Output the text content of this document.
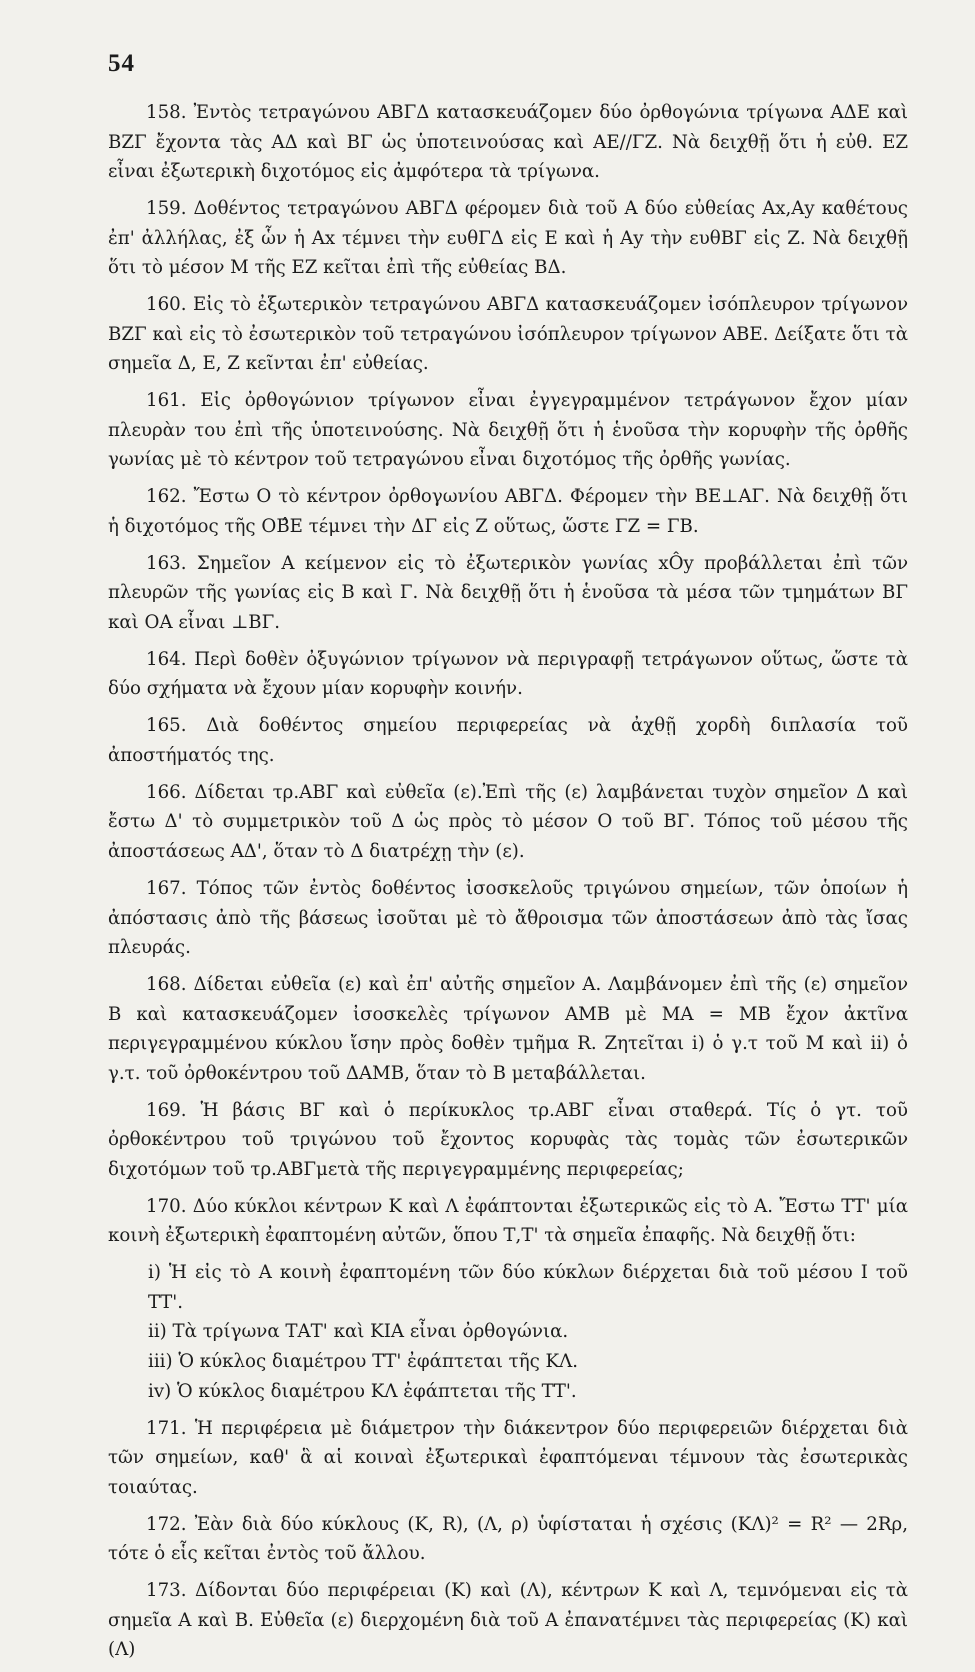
54

158. Ἐντὸς τετραγώνου ΑΒΓΔ κατασκευάζομεν δύο ὀρθογώνια τρίγωνα ΑΔΕ καὶ ΒΖΓ ἔχοντα τὰς ΑΔ καὶ ΒΓ ὡς ὑποτεινούσας καὶ ΑΕ//ΓΖ. Νὰ δειχθῇ ὅτι ἡ εὐθ. ΕΖ εἶναι ἐξωτερικὴ διχοτόμος εἰς ἀμφότερα τὰ τρίγωνα.

159. Δοθέντος τετραγώνου ΑΒΓΔ φέρομεν διὰ τοῦ Α δύο εὐθείας Αx,Αy καθέτους ἐπ' ἀλλήλας, ἐξ ὧν ἡ Αx τέμνει τὴν ευθΓΔ εἰς Ε καὶ ἡ Αy τὴν ευθΒΓ εἰς Ζ. Νὰ δειχθῇ ὅτι τὸ μέσον Μ τῆς ΕΖ κεῖται ἐπὶ τῆς εὐθείας ΒΔ.

160. Εἰς τὸ ἐξωτερικὸν τετραγώνου ΑΒΓΔ κατασκευάζομεν ἰσόπλευρον τρίγωνον ΒΖΓ καὶ εἰς τὸ ἐσωτερικὸν τοῦ τετραγώνου ἰσόπλευρον τρίγωνον ΑΒΕ. Δείξατε ὅτι τὰ σημεῖα Δ, Ε, Ζ κεῖνται ἐπ' εὐθείας.

161. Εἰς ὀρθογώνιον τρίγωνον εἶναι ἐγγεγραμμένον τετράγωνον ἔχον μίαν πλευρὰν του ἐπὶ τῆς ὑποτεινούσης. Νὰ δειχθῇ ὅτι ἡ ἑνοῦσα τὴν κορυφὴν τῆς ὀρθῆς γωνίας μὲ τὸ κέντρον τοῦ τετραγώνου εἶναι διχοτόμος τῆς ὀρθῆς γωνίας.

162. Ἔστω Ο τὸ κέντρον ὀρθογωνίου ΑΒΓΔ. Φέρομεν τὴν ΒΕ⊥ΑΓ. Νὰ δειχθῇ ὅτι ἡ διχοτόμος τῆς ΟΒ̂Ε τέμνει τὴν ΔΓ εἰς Ζ οὕτως, ὥστε ΓΖ = ΓΒ.

163. Σημεῖον Α κείμενον εἰς τὸ ἐξωτερικὸν γωνίας xÔy προβάλλεται ἐπὶ τῶν πλευρῶν τῆς γωνίας εἰς Β καὶ Γ. Νὰ δειχθῇ ὅτι ἡ ἑνοῦσα τὰ μέσα τῶν τμημάτων ΒΓ καὶ ΟΑ εἶναι ⊥ΒΓ.

164. Περὶ δοθὲν ὀξυγώνιον τρίγωνον νὰ περιγραφῇ τετράγωνον οὕτως, ὥστε τὰ δύο σχήματα νὰ ἔχουν μίαν κορυφὴν κοινήν.

165. Διὰ δοθέντος σημείου περιφερείας νὰ ἀχθῇ χορδὴ διπλασία τοῦ ἀποστήματός της.

166. Δίδεται τρ.ΑΒΓ καὶ εὐθεῖα (ε).Ἐπὶ τῆς (ε) λαμβάνεται τυχὸν σημεῖον Δ καὶ ἔστω Δ' τὸ συμμετρικὸν τοῦ Δ ὡς πρὸς τὸ μέσον Ο τοῦ ΒΓ. Τόπος τοῦ μέσου τῆς ἀποστάσεως ΑΔ', ὅταν τὸ Δ διατρέχῃ τὴν (ε).

167. Τόπος τῶν ἐντὸς δοθέντος ἰσοσκελοῦς τριγώνου σημείων, τῶν ὁποίων ἡ ἀπόστασις ἀπὸ τῆς βάσεως ἰσοῦται μὲ τὸ ἄθροισμα τῶν ἀποστάσεων ἀπὸ τὰς ἴσας πλευράς.

168. Δίδεται εὐθεῖα (ε) καὶ ἐπ' αὐτῆς σημεῖον Α. Λαμβάνομεν ἐπὶ τῆς (ε) σημεῖον Β καὶ κατασκευάζομεν ἰσοσκελὲς τρίγωνον ΑΜΒ μὲ ΜΑ = ΜΒ ἔχον ἀκτῖνα περιγεγραμμένου κύκλου ἴσην πρὸς δοθὲν τμῆμα R. Ζητεῖται i) ὁ γ.τ τοῦ Μ καὶ ii) ὁ γ.τ. τοῦ ὀρθοκέντρου τοῦ ΔΑΜΒ, ὅταν τὸ Β μεταβάλλεται.

169. Ἡ βάσις ΒΓ καὶ ὁ περίκυκλος τρ.ΑΒΓ εἶναι σταθερά. Τίς ὁ γτ. τοῦ ὀρθοκέντρου τοῦ τριγώνου τοῦ ἔχοντος κορυφὰς τὰς τομὰς τῶν ἐσωτερικῶν διχοτόμων τοῦ τρ.ΑΒΓμετὰ τῆς περιγεγραμμένης περιφερείας;

170. Δύο κύκλοι κέντρων Κ καὶ Λ ἐφάπτονται ἐξωτερικῶς εἰς τὸ Α. Ἔστω ΤΤ' μία κοινὴ ἐξωτερικὴ ἐφαπτομένη αὐτῶν, ὅπου Τ,Τ' τὰ σημεῖα ἐπαφῆς. Νὰ δειχθῇ ὅτι:

i) Ἡ εἰς τὸ Α κοινὴ ἐφαπτομένη τῶν δύο κύκλων διέρχεται διὰ τοῦ μέσου Ι τοῦ ΤΤ'.
ii) Τὰ τρίγωνα ΤΑΤ' καὶ ΚΙΑ εἶναι ὀρθογώνια.
iii) Ὁ κύκλος διαμέτρου ΤΤ' ἐφάπτεται τῆς ΚΛ.
iv) Ὁ κύκλος διαμέτρου ΚΛ ἐφάπτεται τῆς ΤΤ'.

171. Ἡ περιφέρεια μὲ διάμετρον τὴν διάκεντρον δύο περιφερειῶν διέρχεται διὰ τῶν σημείων, καθ' ἃ αἱ κοιναὶ ἐξωτερικαὶ ἐφαπτόμεναι τέμνουν τὰς ἐσωτερικὰς τοιαύτας.

172. Ἐὰν διὰ δύο κύκλους (Κ, R), (Λ, ρ) ὑφίσταται ἡ σχέσις (ΚΛ)² = R² — 2Rρ, τότε ὁ εἷς κεῖται ἐντὸς τοῦ ἄλλου.

173. Δίδονται δύο περιφέρειαι (Κ) καὶ (Λ), κέντρων Κ καὶ Λ, τεμνόμεναι εἰς τὰ σημεῖα Α καὶ Β. Εὐθεῖα (ε) διερχομένη διὰ τοῦ Α ἐπανατέμνει τὰς περιφερείας (Κ) καὶ (Λ)
